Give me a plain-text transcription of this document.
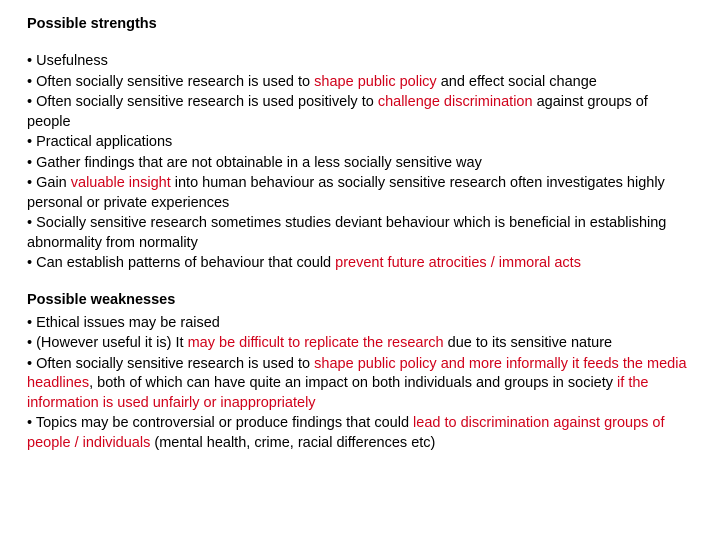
Possible strengths

• Usefulness
• Often socially sensitive research is used to shape public policy and effect social change
• Often socially sensitive research is used positively to challenge discrimination against groups of people
• Practical applications
• Gather findings that are not obtainable in a less socially sensitive way
• Gain valuable insight into human behaviour as socially sensitive research often investigates highly personal or private experiences
• Socially sensitive research sometimes studies deviant behaviour which is beneficial in establishing abnormality from normality
• Can establish patterns of behaviour that could prevent future atrocities / immoral acts

Possible weaknesses

• Ethical issues may be raised
• (However useful it is) It may be difficult to replicate the research due to its sensitive nature
• Often socially sensitive research is used to shape public policy and more informally it feeds the media headlines, both of which can have quite an impact on both individuals and groups in society if the information is used unfairly or inappropriately
• Topics may be controversial or produce findings that could lead to discrimination against groups of people / individuals (mental health, crime, racial differences etc)
